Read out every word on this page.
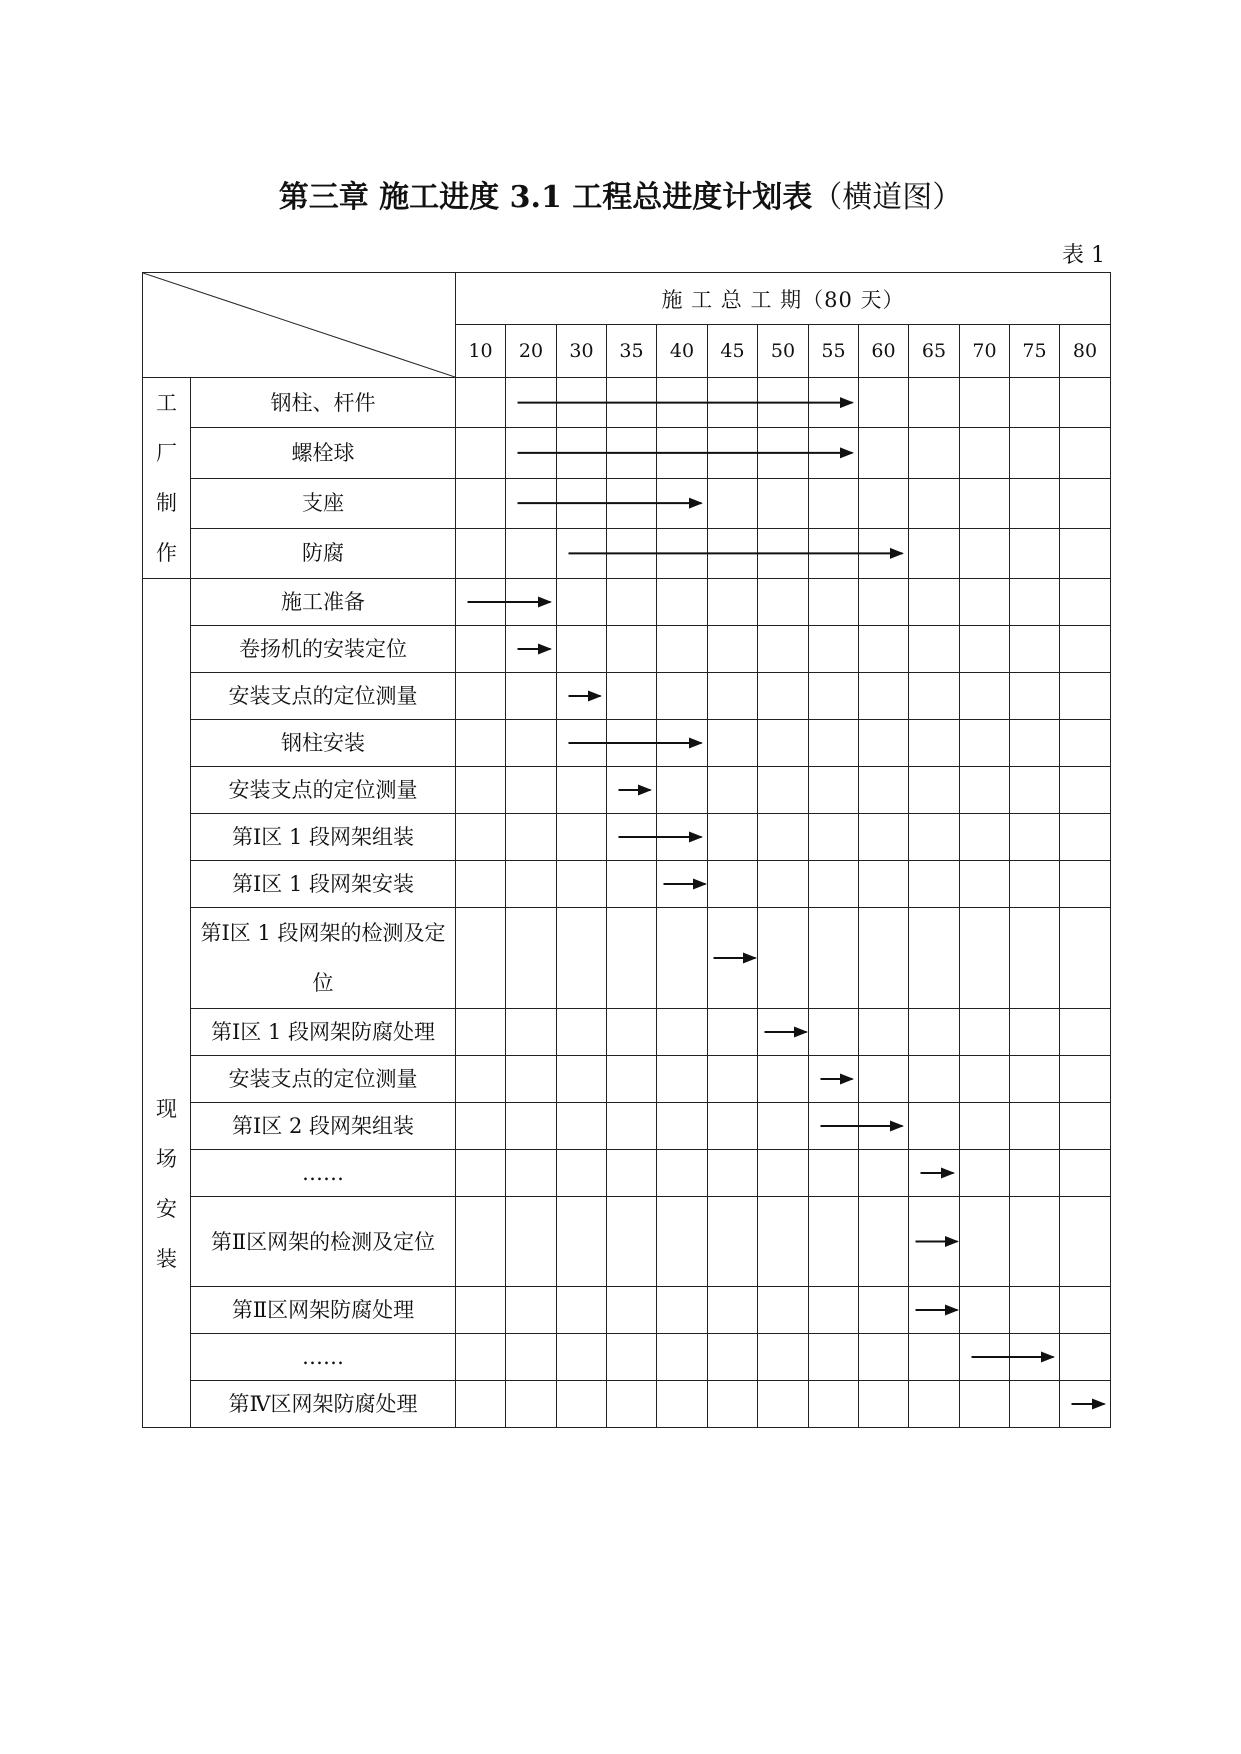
第三章 施工进度 3.1 工程总进度计划表（横道图）
表 1
	施 工 总 工 期（80 天）												
		10	20	30	35	40	45	50	55	60	65	70	75	80

工
厂
制
作	钢柱、杆件													
	螺栓球													
	支座													
	防腐													

现
场
安
装	施工准备													
	卷扬机的安装定位													
	安装支点的定位测量													
	钢柱安装													
	安装支点的定位测量													
	第Ⅰ区 1 段网架组装													
	第Ⅰ区 1 段网架安装													
	第Ⅰ区 1 段网架的检测及定位													
	第Ⅰ区 1 段网架防腐处理													
	安装支点的定位测量													
	第Ⅰ区 2 段网架组装													
	……													
	第Ⅱ区网架的检测及定位													
	第Ⅱ区网架防腐处理													
	……													
	第Ⅳ区网架防腐处理													
